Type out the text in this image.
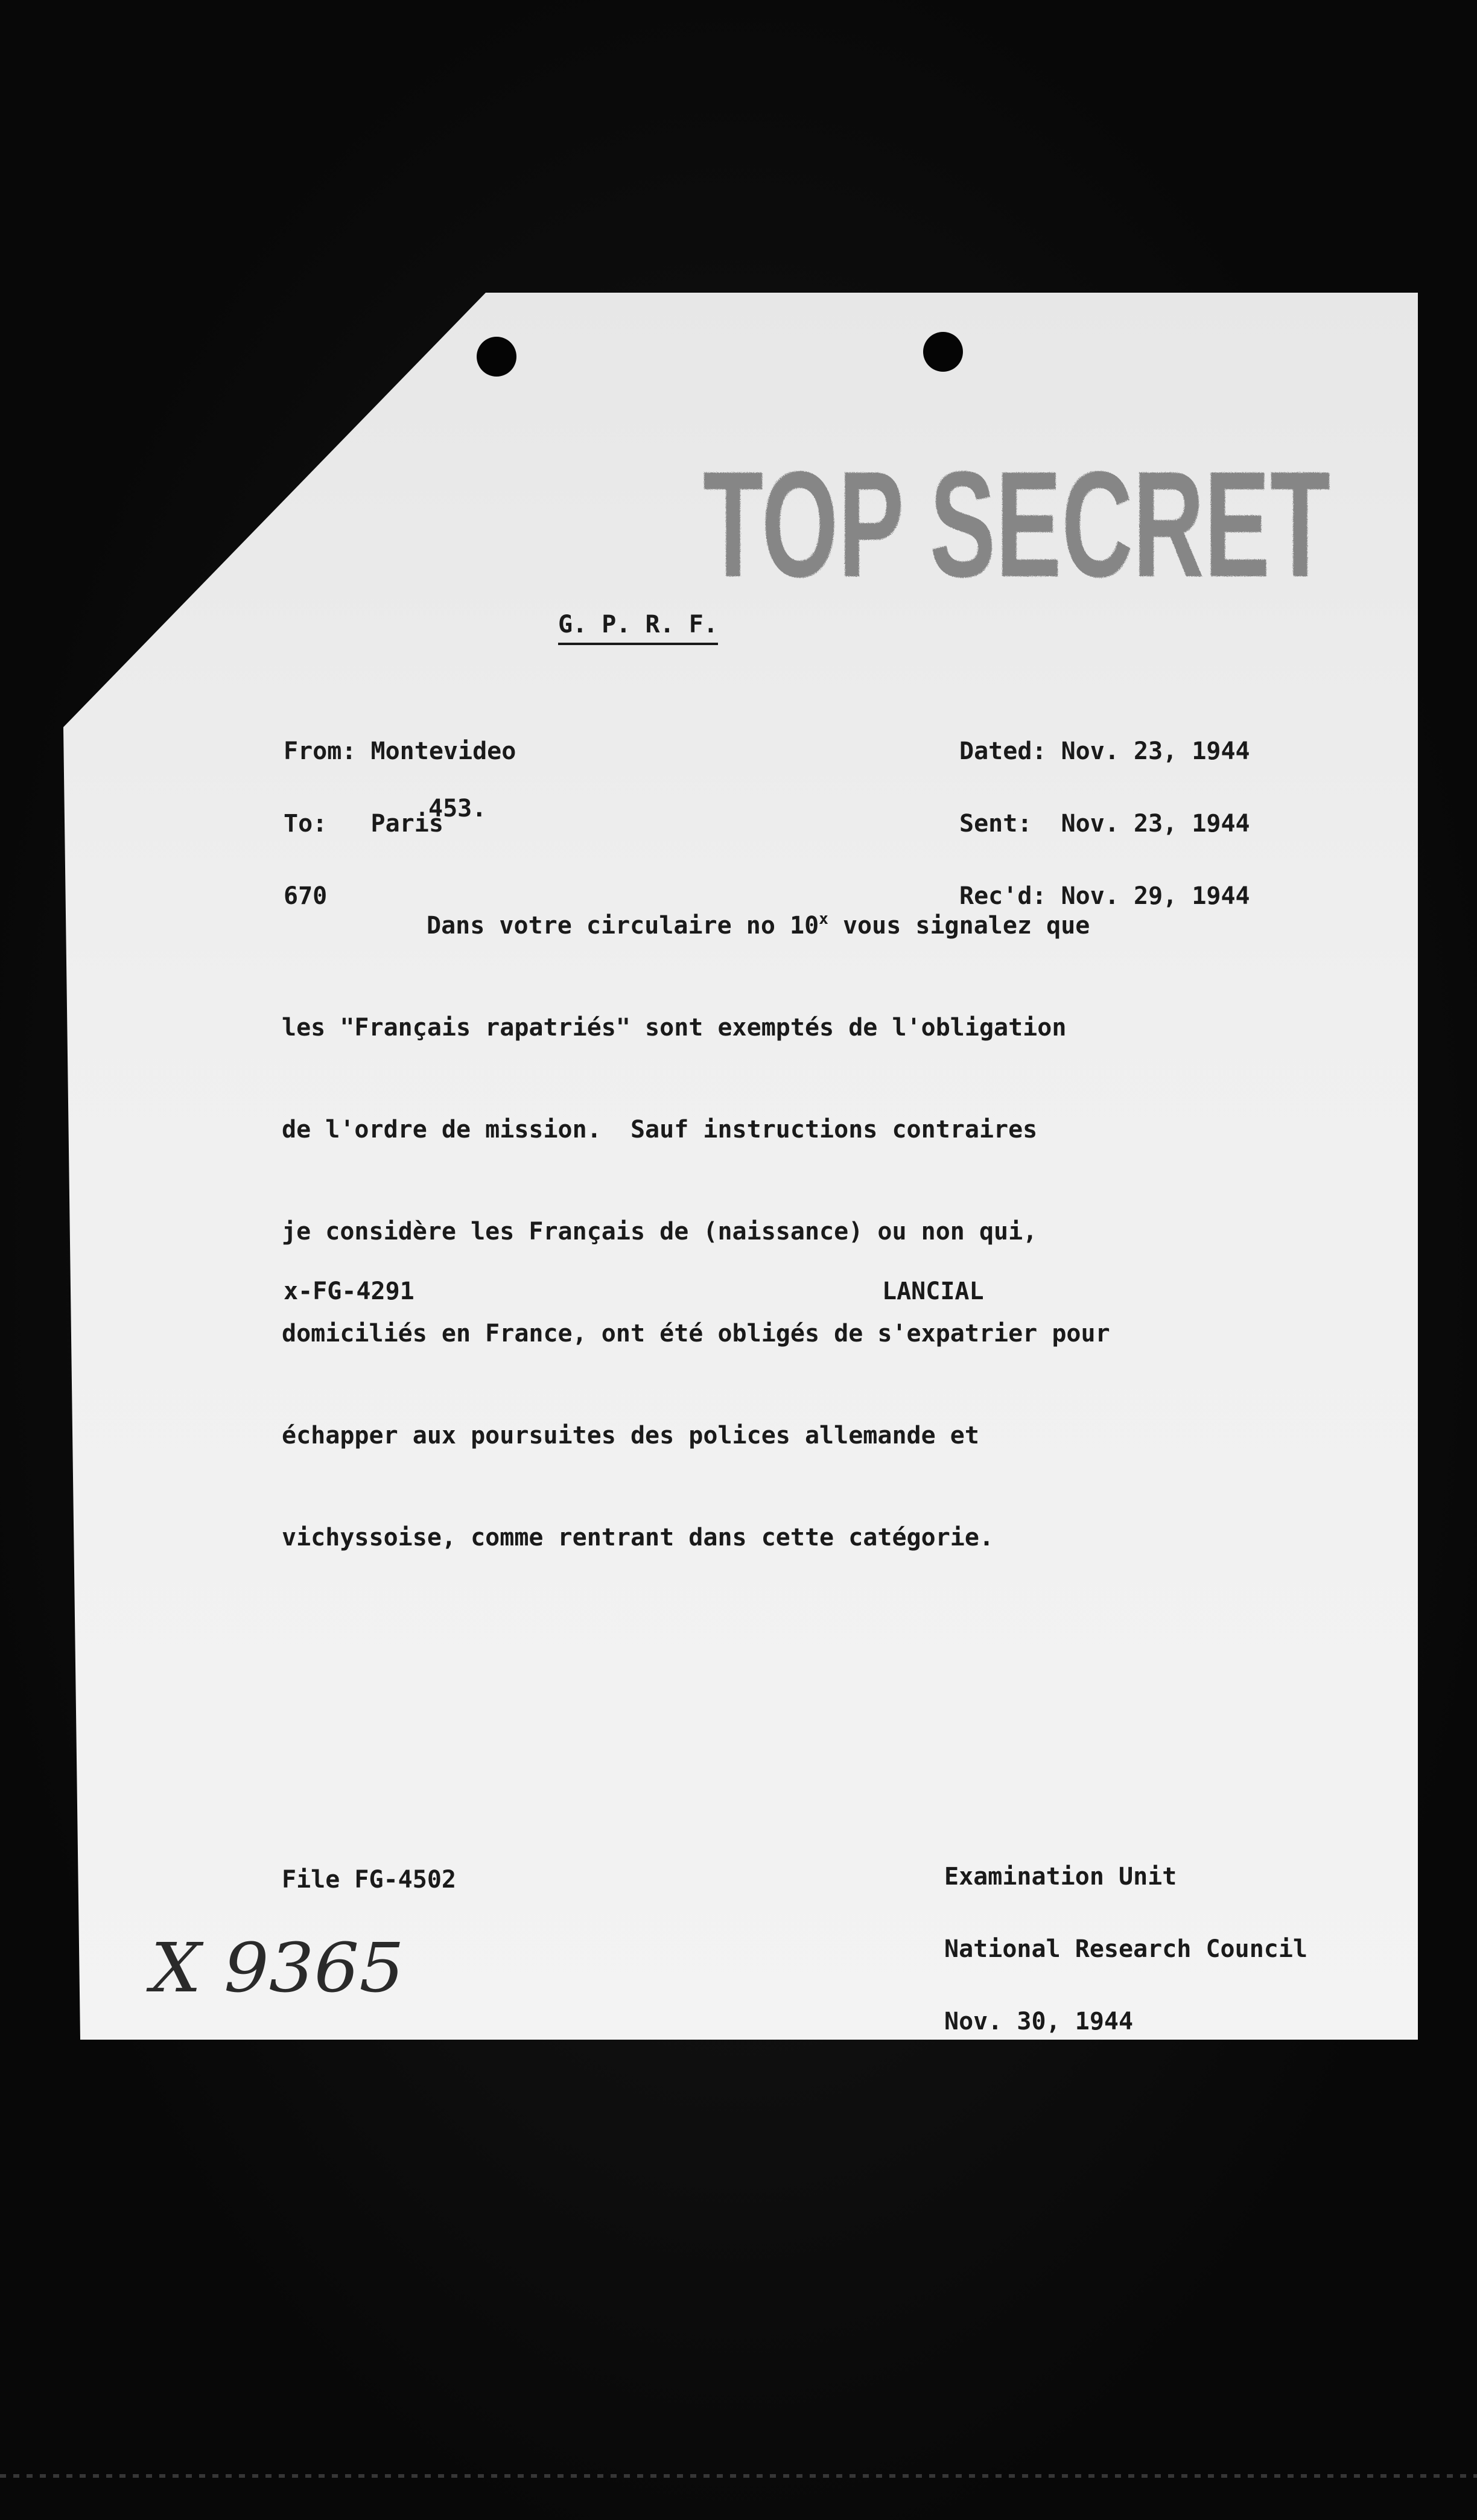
TOP SECRET
G. P. R. F.

From: Montevideo

To:   Paris

670

Dated: Nov. 23, 1944

Sent:  Nov. 23, 1944

Rec'd: Nov. 29, 1944

453.

Dans votre circulaire no 10$^x$ vous signalez que

les "Français rapatriés" sont exemptés de l'obligation

de l'ordre de mission.  Sauf instructions contraires

je considère les Français de (naissance) ou non qui,

domiciliés en France, ont été obligés de s'expatrier pour

échapper aux poursuites des polices allemande et

vichyssoise, comme rentrant dans cette catégorie.

x-FG-4291	LANCIAL
File FG-4502

	Examination Unit

National Research Council

Nov. 30, 1944

X 9365
